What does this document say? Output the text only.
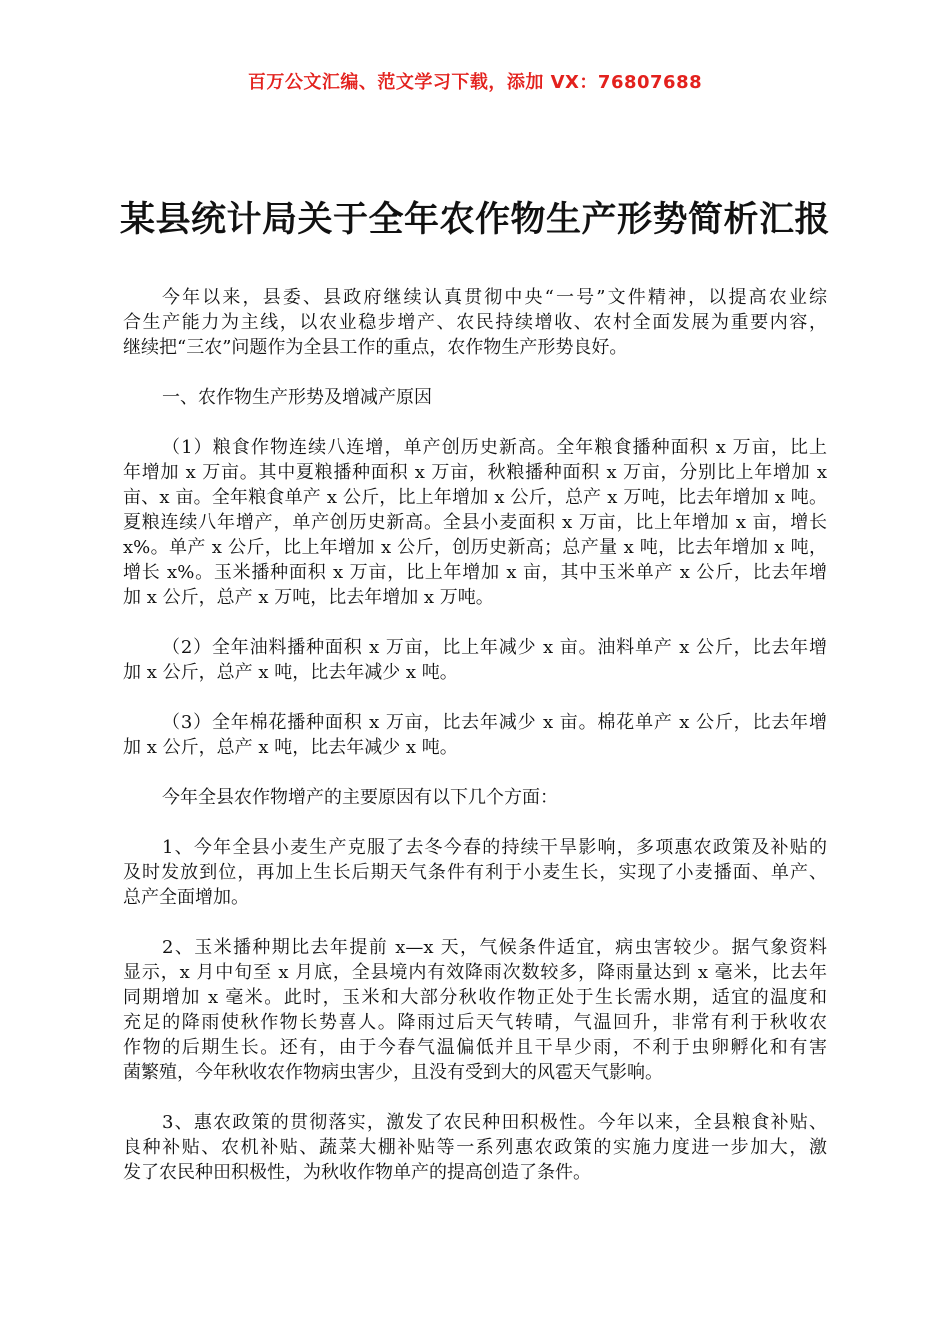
百万公文汇编、范文学习下载，添加 VX：76807688
某县统计局关于全年农作物生产形势简析汇报
今年以来，县委、县政府继续认真贯彻中央“一号”文件精神，以提高农业综
合生产能力为主线，以农业稳步增产、农民持续增收、农村全面发展为重要内容，
继续把“三农”问题作为全县工作的重点，农作物生产形势良好。
一、农作物生产形势及增减产原因
（1）粮食作物连续八连增，单产创历史新高。全年粮食播种面积 x 万亩，比上
年增加 x 万亩。其中夏粮播种面积 x 万亩，秋粮播种面积 x 万亩，分别比上年增加 x
亩、x 亩。全年粮食单产 x 公斤，比上年增加 x 公斤，总产 x 万吨，比去年增加 x 吨。
夏粮连续八年增产，单产创历史新高。全县小麦面积 x 万亩，比上年增加 x 亩，增长
x%。单产 x 公斤，比上年增加 x 公斤，创历史新高；总产量 x 吨，比去年增加 x 吨，
增长 x%。玉米播种面积 x 万亩，比上年增加 x 亩，其中玉米单产 x 公斤，比去年增
加 x 公斤，总产 x 万吨，比去年增加 x 万吨。
（2）全年油料播种面积 x 万亩，比上年减少 x 亩。油料单产 x 公斤，比去年增
加 x 公斤，总产 x 吨，比去年减少 x 吨。
（3）全年棉花播种面积 x 万亩，比去年减少 x 亩。棉花单产 x 公斤，比去年增
加 x 公斤，总产 x 吨，比去年减少 x 吨。
今年全县农作物增产的主要原因有以下几个方面：
1、今年全县小麦生产克服了去冬今春的持续干旱影响，多项惠农政策及补贴的
及时发放到位，再加上生长后期天气条件有利于小麦生长，实现了小麦播面、单产、
总产全面增加。
2、玉米播种期比去年提前 x—x 天，气候条件适宜，病虫害较少。据气象资料
显示，x 月中旬至 x 月底，全县境内有效降雨次数较多，降雨量达到 x 毫米，比去年
同期增加 x 毫米。此时，玉米和大部分秋收作物正处于生长需水期，适宜的温度和
充足的降雨使秋作物长势喜人。降雨过后天气转晴，气温回升，非常有利于秋收农
作物的后期生长。还有，由于今春气温偏低并且干旱少雨，不利于虫卵孵化和有害
菌繁殖，今年秋收农作物病虫害少，且没有受到大的风雹天气影响。
3、惠农政策的贯彻落实，激发了农民种田积极性。今年以来，全县粮食补贴、
良种补贴、农机补贴、蔬菜大棚补贴等一系列惠农政策的实施力度进一步加大，激
发了农民种田积极性，为秋收作物单产的提高创造了条件。
